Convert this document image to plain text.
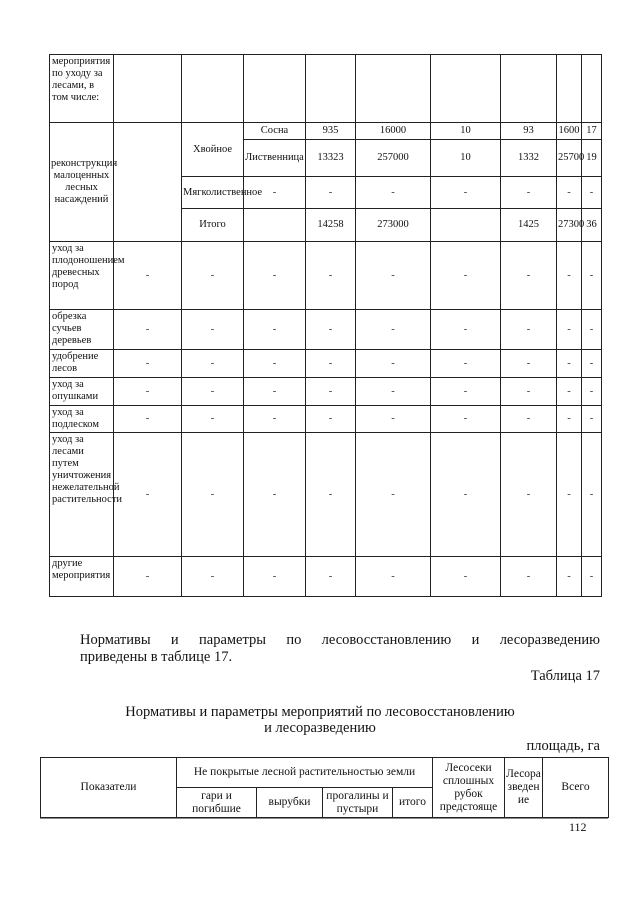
мероприятия по уходу за лесами, в том числе:									
реконструкция малоценных лесных насаждений		Хвойное	Сосна	935	16000	10	93	1600	17
			Лиственница	13323	257000	10	1332	25700	19
		Мягколиственное	-	-	-	-	-	-	-
		Итого		14258	273000		1425	27300	36
уход за плодоношением древесных пород	-	-	-	-	-	-	-	-	-
обрезка сучьев деревьев	-	-	-	-	-	-	-	-	-
удобрение лесов	-	-	-	-	-	-	-	-	-
уход за опушками	-	-	-	-	-	-	-	-	-
уход за подлеском	-	-	-	-	-	-	-	-	-
уход за лесами путем уничтожения нежелательной растительности	-	-	-	-	-	-	-	-	-
другие мероприятия	-	-	-	-	-	-	-	-	-
Нормативы и параметры по лесовосстановлению и лесоразведению
приведены в таблице 17.
Таблица 17
Нормативы и параметры мероприятий по лесовосстановлению
и лесоразведению
площадь, га
Показатели	Не покрытые лесной растительностью земли				Лесосеки сплошных рубок предстояще	Лесоразведение	Всего
	гари и погибшие	вырубки	прогалины и пустыри	итого			
112
